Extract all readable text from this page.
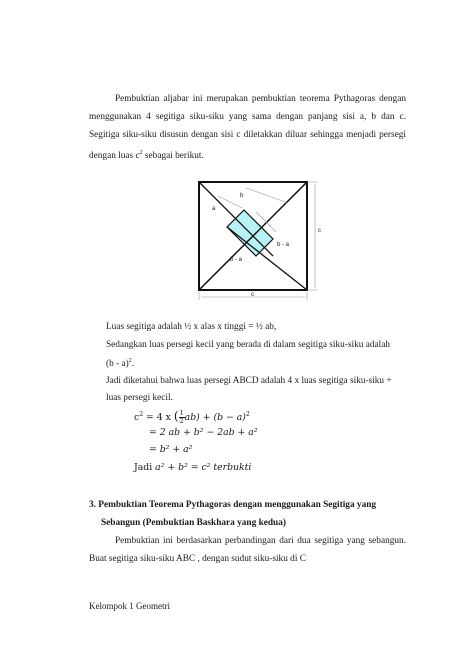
Pembuktian aljabar ini merupakan pembuktian teorema Pythagoras dengan menggunakan 4 segitiga siku-siku yang sama dengan panjang sisi a, b dan c. Segitiga siku-siku disusun dengan sisi c diletakkan diluar sehingga menjadi persegi dengan luas $c^2$ sebagai berikut.
b
a
c
b - a
b - a
c
Luas segitiga adalah ½ x alas x tinggi = ½ ab,
Sedangkan luas persegi kecil yang berada di dalam segitiga siku-siku adalah
(b - a)$^2$.
Jadi diketahui bahwa luas persegi ABCD adalah 4 x luas segitiga siku-siku +
luas persegi kecil.
$c^2 = 4$ x ( $\frac{1}{2} ab) + (b - a)^2$
= 2 ab + b² − 2ab + a²
= b² + a²
Jadi a² + b² = c² terbukti
3. Pembuktian Teorema Pythagoras dengan menggunakan Segitiga yang
Sebangun (Pembuktian Baskhara yang kedua)
Pembuktian ini berdasarkan perbandingan dari dua segitiga yang sebangun. Buat segitiga siku-siku ABC , dengan sudut siku-siku di C
Kelompok 1 Geometri
